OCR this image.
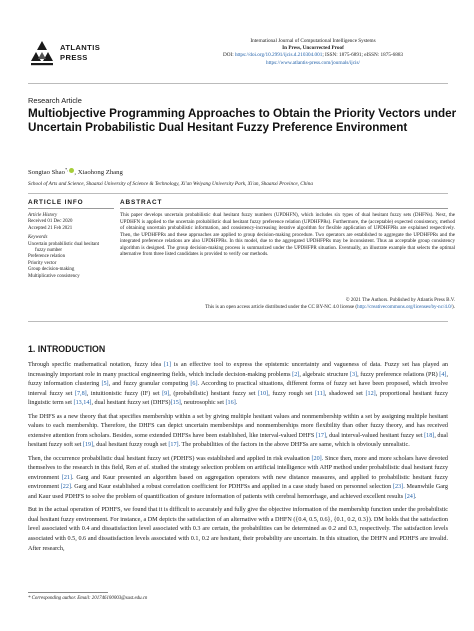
ATLANTIS
PRESS
International Journal of Computational Intelligence Systems
In Press, Uncorrected Proof
DOI: https://doi.org/10.2991/ijcis.d.210304.001; ISSN: 1875-6891; eISSN: 1875-6883
https://www.atlantis-press.com/journals/ijcis/
Research Article
Multiobjective Programming Approaches to Obtain the Priority Vectors under Uncertain Probabilistic Dual Hesitant Fuzzy Preference Environment
Songtao Shao*, , Xiaohong Zhang
School of Arts and Science, Shaanxi University of Science & Technology, Xi'an Weiyang University Park, Xi'an, Shaanxi Province, China
ARTICLE INFO	ABSTRACT
Article History
Received 01 Dec 2020
Accepted 21 Feb 2021
Keywords
Uncertain probabilistic dual hesitant
fuzzy number
Preference relation
Priority vector
Group decision-making
Multiplicative consistency
This paper develops uncertain probabilistic dual hesitant fuzzy numbers (UPDHFN), which includes six types of dual hesitant fuzzy sets (DHFNs). Next, the UPDHFN is applied to the uncertain probabilistic dual hesitant fuzzy preference relation (UPDHFPRs). Furthermore, the (acceptable) expected consistency, method of obtaining uncertain probabilistic information, and consistency-increasing iterative algorithm for flexible application of UPDHFPRs are explained respectively. Then, the UPDHFPRs and these approaches are applied to group decision-making procedure. Two operators are established to aggregate the UPDHFPRs and the integrated preference relations are also UPDHFPRs. In this model, due to the aggregated UPDHFPRs may be inconsistent. Thus an acceptable group consistency algorithm is designed. The group decision-making process is summarized under the UPDHFPR situation. Eventually, an illustrate example that selects the optimal alternative from three listed candidates is provided to verify our methods.
© 2021 The Authors. Published by Atlantis Press B.V.
This is an open access article distributed under the CC BY-NC 4.0 license (http://creativecommons.org/licenses/by-nc/4.0/).
1. INTRODUCTION

Through specific mathematical notation, fuzzy idea [1] is an effective tool to express the epistemic uncertainty and vagueness of data. Fuzzy set has played an increasingly important role in many practical engineering fields, which include decision-making problems [2], algebraic structure [3], fuzzy preference relations (PR) [4], fuzzy information clustering [5], and fuzzy granular computing [6]. According to practical situations, different forms of fuzzy set have been proposed, which involve interval fuzzy set [7,8], intuitionistic fuzzy (IF) set [9], (probabilistic) hesitant fuzzy set [10], fuzzy rough set [11], shadowed set [12], proportional hesitant fuzzy linguistic term set [13,14], dual hesitant fuzzy set (DHFS)[15], neutrosophic set [16].

The DHFS as a new theory that that specifies membership within a set by giving multiple hesitant values and nonmembership within a set by assigning multiple hesitant values to each membership. Therefore, the DHFS can depict uncertain memberships and nonmemberships more flexibility than other fuzzy theory, and has received extensive attention from scholars. Besides, some extended DHFSs have been established, like interval-valued DHFS [17], dual interval-valued hesitant fuzzy set [18], dual hesitant fuzzy soft set [19], dual hesitant fuzzy rough set [17]. The probabilities of the factors in the above DHFSs are same, which is obviously unrealistic.

Then, the occurrence probabilistic dual hesitant fuzzy set (PDHFS) was established and applied in risk evaluation [20]. Since then, more and more scholars have devoted themselves to the research in this field, Ren et al. studied the strategy selection problem on artificial intelligence with AHP method under probabilistic dual hesitant fuzzy environment [21]. Garg and Kaur presented an algorithm based on aggregation operators with new distance measures, and applied to probabilistic hesitant fuzzy environment [22]. Garg and Kaur established a robust correlation coefficient for PDHFSs and applied in a case study based on personnel selection [23]. Meanwhile Garg and Kaur used PDHFS to solve the problem of quantification of gesture information of patients with cerebral hemorrhage, and achieved excellent results [24].

But in the actual operation of PDHFS, we found that it is difficult to accurately and fully give the objective information of the membership function under the probabilistic dual hesitant fuzzy environment. For instance, a DM depicts the satisfaction of an alternative with a DHFN ({0.4, 0.5, 0.6}, {0.1, 0.2, 0.3}). DM holds that the satisfaction level associated with 0.4 and dissatisfaction level associated with 0.3 are certain, the probabilities can be determined as 0.2 and 0.3, respectively. The satisfaction levels associated with 0.5, 0.6 and dissatisfaction levels associated with 0.1, 0.2 are hesitant, their probability are uncertain. In this situation, the DHFN and PDHFS are invalid. After research,

* Corresponding author. Email: 201746100003@sust.edu.cn
